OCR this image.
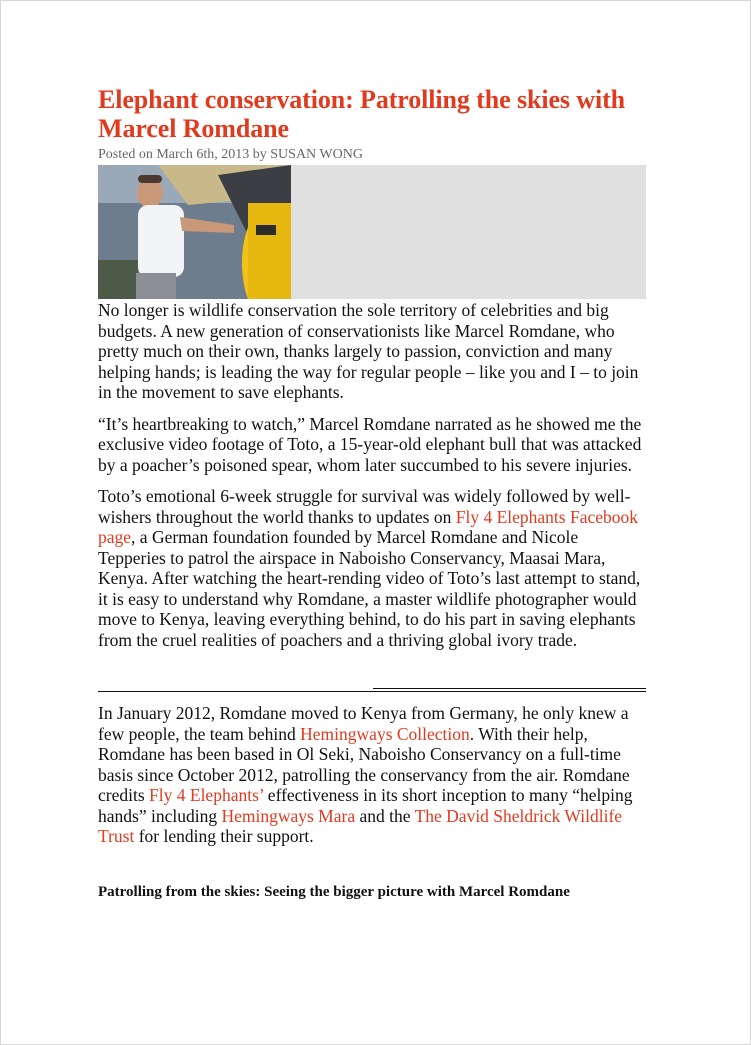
Elephant conservation: Patrolling the skies with Marcel Romdane
Posted on March 6th, 2013 by SUSAN WONG

No longer is wildlife conservation the sole territory of celebrities and big budgets. A new generation of conservationists like Marcel Romdane, who pretty much on their own, thanks largely to passion, conviction and many helping hands; is leading the way for regular people – like you and I – to join in the movement to save elephants.

“It’s heartbreaking to watch,” Marcel Romdane narrated as he showed me the exclusive video footage of Toto, a 15-year-old elephant bull that was attacked by a poacher’s poisoned spear, whom later succumbed to his severe injuries.

Toto’s emotional 6-week struggle for survival was widely followed by well-wishers throughout the world thanks to updates on Fly 4 Elephants Facebook page, a German foundation founded by Marcel Romdane and Nicole Tepperies to patrol the airspace in Naboisho Conservancy, Maasai Mara, Kenya. After watching the heart-rending video of Toto’s last attempt to stand, it is easy to understand why Romdane, a master wildlife photographer would move to Kenya, leaving everything behind, to do his part in saving elephants from the cruel realities of poachers and a thriving global ivory trade.

In January 2012, Romdane moved to Kenya from Germany, he only knew a few people, the team behind Hemingways Collection. With their help, Romdane has been based in Ol Seki, Naboisho Conservancy on a full-time basis since October 2012, patrolling the conservancy from the air. Romdane credits Fly 4 Elephants’ effectiveness in its short inception to many “helping hands” including Hemingways Mara and the The David Sheldrick Wildlife Trust for lending their support.

Patrolling from the skies: Seeing the bigger picture with Marcel Romdane
